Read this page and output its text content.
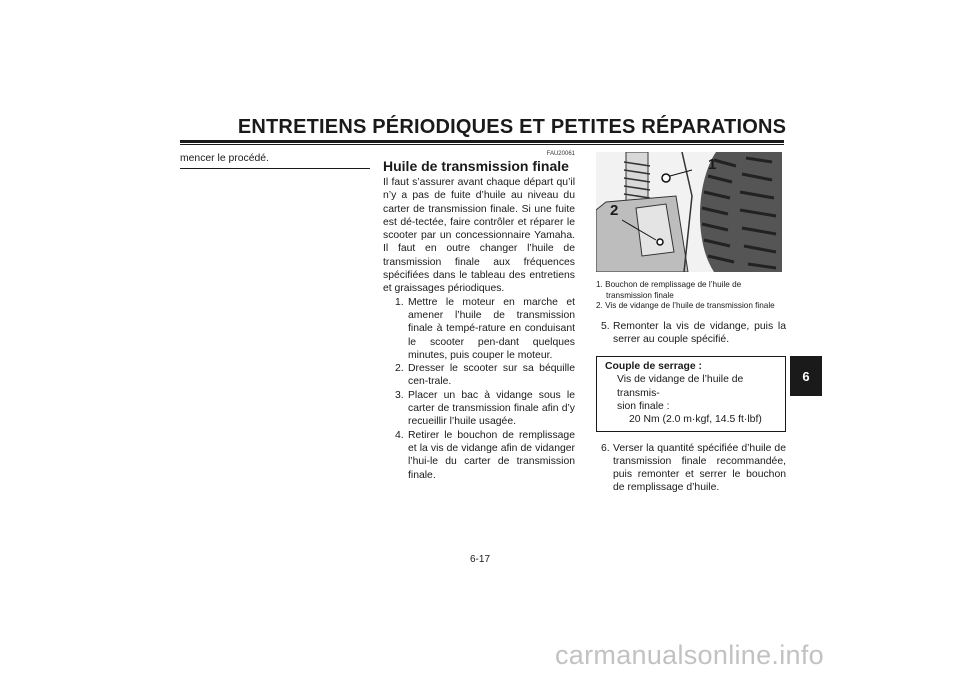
ENTRETIENS PÉRIODIQUES ET PETITES RÉPARATIONS
mencer le procédé.	FAU20061
Huile de transmission finale

Il faut s’assurer avant chaque départ qu’il n’y a pas de fuite d’huile au niveau du carter de transmission finale. Si une fuite est dé-tectée, faire contrôler et réparer le scooter par un concessionnaire Yamaha. Il faut en outre changer l’huile de transmission finale aux fréquences spécifiées dans le tableau des entretiens et graissages périodiques.

1. Mettre le moteur en marche et amener l’huile de transmission finale à tempé-rature en conduisant le scooter pen-dant quelques minutes, puis couper le moteur.
2. Dresser le scooter sur sa béquille cen-trale.
3. Placer un bac à vidange sous le carter de transmission finale afin d’y recueillir l’huile usagée.
4. Retirer le bouchon de remplissage et la vis de vidange afin de vidanger l’hui-le du carter de transmission finale.
1
2
1. Bouchon de remplissage de l’huile de transmission finale
2. Vis de vidange de l’huile de transmission finale
5. Remonter la vis de vidange, puis la serrer au couple spécifié.
Couple de serrage :
Vis de vidange de l’huile de transmis-
sion finale :
20 Nm (2.0 m·kgf, 14.5 ft·lbf)
6. Verser la quantité spécifiée d’huile de transmission finale recommandée, puis remonter et serrer le bouchon de remplissage d’huile.
6
6-17
carmanualsonline.info
